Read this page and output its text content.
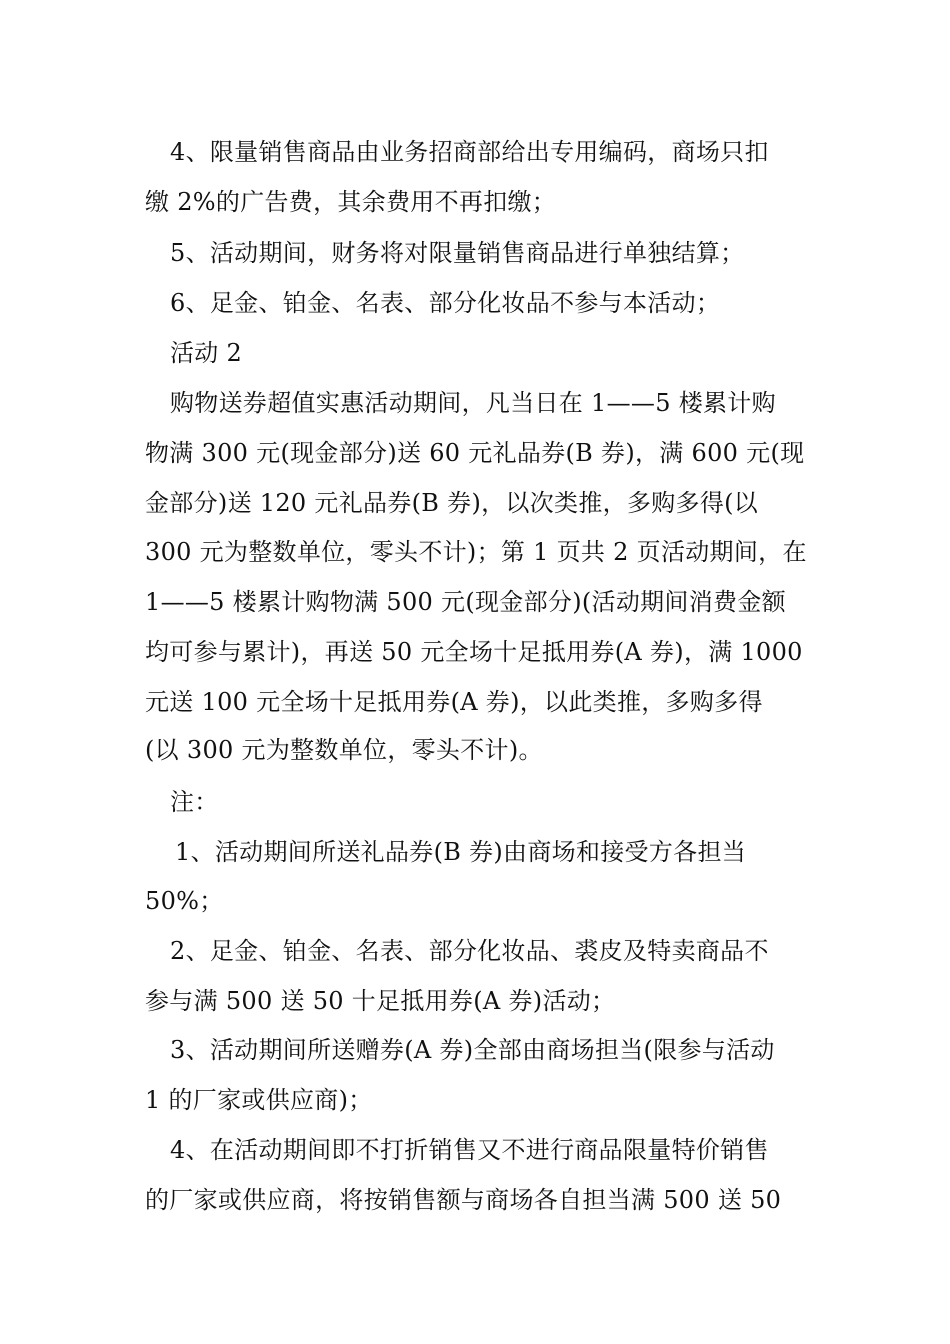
4、限量销售商品由业务招商部给出专用编码，商场只扣
缴 2%的广告费，其余费用不再扣缴；
5、活动期间，财务将对限量销售商品进行单独结算；
6、足金、铂金、名表、部分化妆品不参与本活动；
活动 2
购物送券超值实惠活动期间，凡当日在 1——5 楼累计购
物满 300 元(现金部分)送 60 元礼品券(B 券)，满 600 元(现
金部分)送 120 元礼品券(B 券)，以次类推，多购多得(以
300 元为整数单位，零头不计)；第 1 页共 2 页活动期间，在
1——5 楼累计购物满 500 元(现金部分)(活动期间消费金额
均可参与累计)，再送 50 元全场十足抵用券(A 券)，满 1000
元送 100 元全场十足抵用券(A 券)，以此类推，多购多得
(以 300 元为整数单位，零头不计)。
注：
1、活动期间所送礼品券(B 券)由商场和接受方各担当
50%；
2、足金、铂金、名表、部分化妆品、裘皮及特卖商品不
参与满 500 送 50 十足抵用券(A 券)活动；
3、活动期间所送赠券(A 券)全部由商场担当(限参与活动
1 的厂家或供应商)；
4、在活动期间即不打折销售又不进行商品限量特价销售
的厂家或供应商，将按销售额与商场各自担当满 500 送 50
